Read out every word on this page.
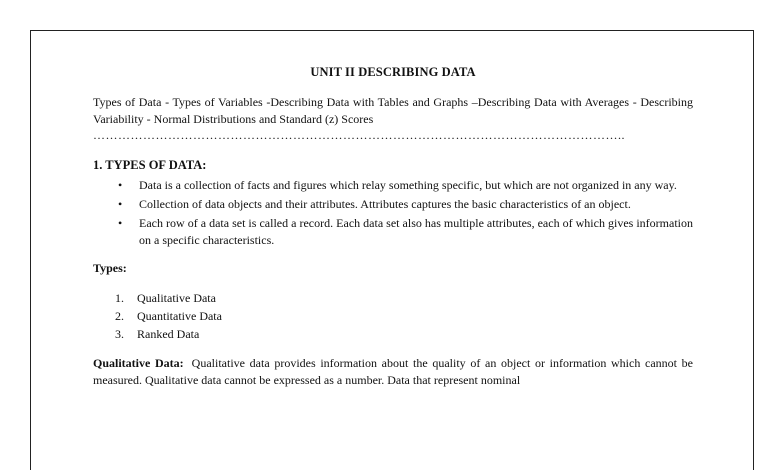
UNIT II DESCRIBING DATA

Types of Data - Types of Variables -Describing Data with Tables and Graphs –Describing Data with Averages - Describing Variability - Normal Distributions and Standard (z) Scores

………………………………………………………………………………………………………………..
1. TYPES OF DATA:
• Data is a collection of facts and figures which relay something specific, but which are not organized in any way.
• Collection of data objects and their attributes. Attributes captures the basic characteristics of an object.
• Each row of a data set is called a record. Each data set also has multiple attributes, each of which gives information on a specific characteristics.
Types:
1.	Qualitative Data
2.	Quantitative Data
3.	Ranked Data
Qualitative Data: Qualitative data provides information about the quality of an object or information which cannot be measured. Qualitative data cannot be expressed as a number. Data that represent nominal
